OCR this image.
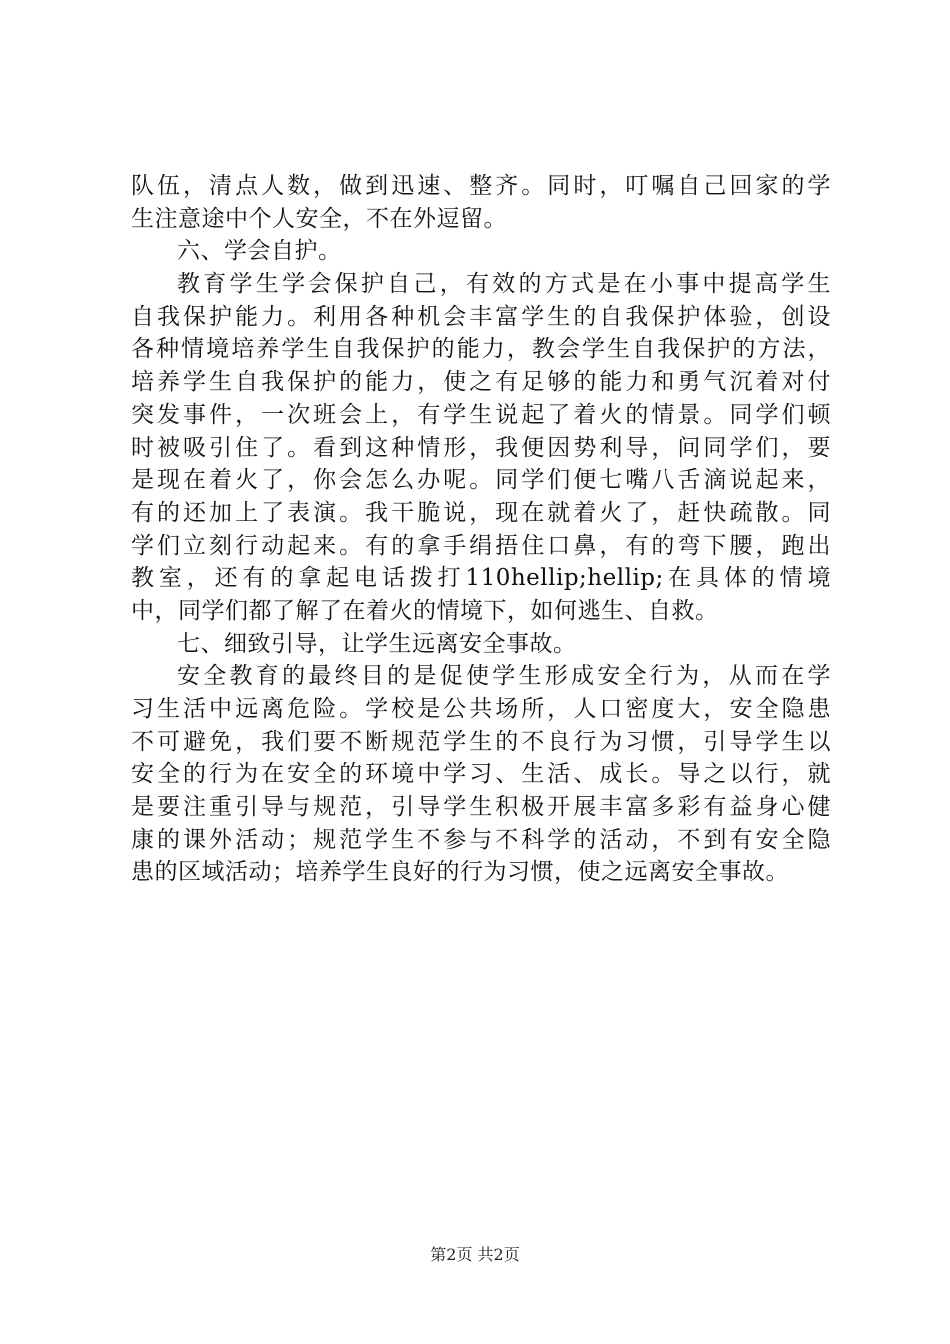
队伍，清点人数，做到迅速、整齐。同时，叮嘱自己回家的学
生注意途中个人安全，不在外逗留。
六、学会自护。
教育学生学会保护自己，有效的方式是在小事中提高学生
自我保护能力。利用各种机会丰富学生的自我保护体验，创设
各种情境培养学生自我保护的能力，教会学生自我保护的方法，
培养学生自我保护的能力，使之有足够的能力和勇气沉着对付
突发事件，一次班会上，有学生说起了着火的情景。同学们顿
时被吸引住了。看到这种情形，我便因势利导，问同学们，要
是现在着火了，你会怎么办呢。同学们便七嘴八舌滴说起来，
有的还加上了表演。我干脆说，现在就着火了，赶快疏散。同
学们立刻行动起来。有的拿手绢捂住口鼻，有的弯下腰，跑出
教室，还有的拿起电话拨打110hellip;hellip;在具体的情境
中，同学们都了解了在着火的情境下，如何逃生、自救。
七、细致引导，让学生远离安全事故。
安全教育的最终目的是促使学生形成安全行为，从而在学
习生活中远离危险。学校是公共场所，人口密度大，安全隐患
不可避免，我们要不断规范学生的不良行为习惯，引导学生以
安全的行为在安全的环境中学习、生活、成长。导之以行，就
是要注重引导与规范，引导学生积极开展丰富多彩有益身心健
康的课外活动；规范学生不参与不科学的活动，不到有安全隐
患的区域活动；培养学生良好的行为习惯，使之远离安全事故。
第2页 共2页
